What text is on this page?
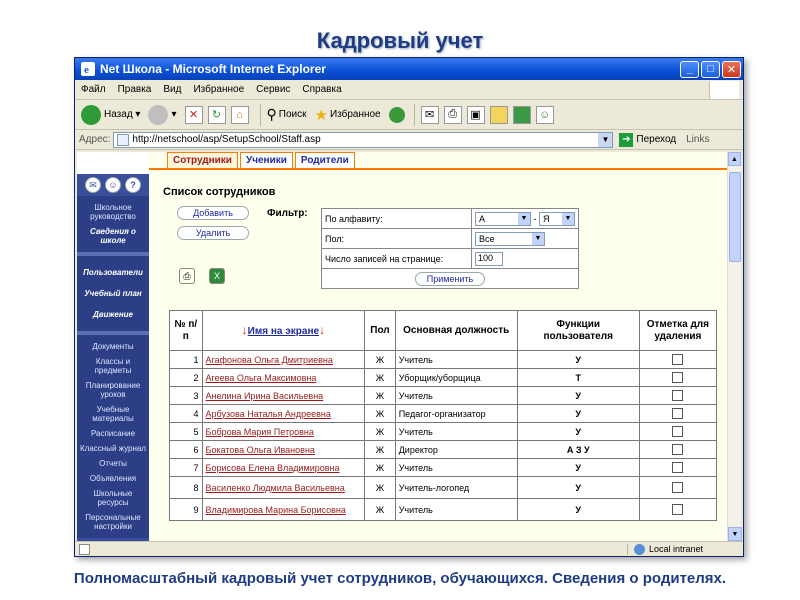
Кадровый учет
e Net Школа - Microsoft Internet Explorer	_	□	✕
Файл Правка Вид Избранное Сервис Справка
Назад ▾	▾	✕	↻	⌂	⚲ Поиск ★ Избранное	✉	⎙	▣	☺
Адрес: http://netschool/asp/SetupSchool/Staff.asp	▼	➔ Переход Links
✉	☺	?
Школьное руководство
Сведения о школе
Пользователи
Учебный план
Движение
Документы
Классы и предметы
Планирование уроков
Учебные материалы
Расписание
Классный журнал
Отчеты
Объявления
Школьные ресурсы
Персональные настройки
Сотрудники	Ученики	Родители
Список сотрудников
Добавить
Удалить
Фильтр: По алфавиту:	А ▼ - Я ▼

Пол:	Все ▼

Число записей на странице:	100
Применить	
⎙	X
№ п/п	↓Имя на экране↓	Пол	Основная должность	Функции пользователя	Отметка для удаления
1	Агафонова Ольга Дмитриевна	Ж	Учитель	У	
2	Агеева Ольга Максимовна	Ж	Уборщик/уборщица	Т	
3	Анелина Ирина Васильевна	Ж	Учитель	У	
4	Арбузова Наталья Андреевна	Ж	Педагог-организатор	У	
5	Боброва Мария Петровна	Ж	Учитель	У	
6	Бокатова Ольга Ивановна	Ж	Директор	А З У	
7	Борисова Елена Владимировна	Ж	Учитель	У	
8	Василенко Людмила Васильевна	Ж	Учитель-логопед	У	
9	Владимирова Марина Борисовна	Ж	Учитель	У	
▲
▼
Local intranet
Полномасштабный кадровый учет сотрудников, обучающихся. Сведения о родителях.
